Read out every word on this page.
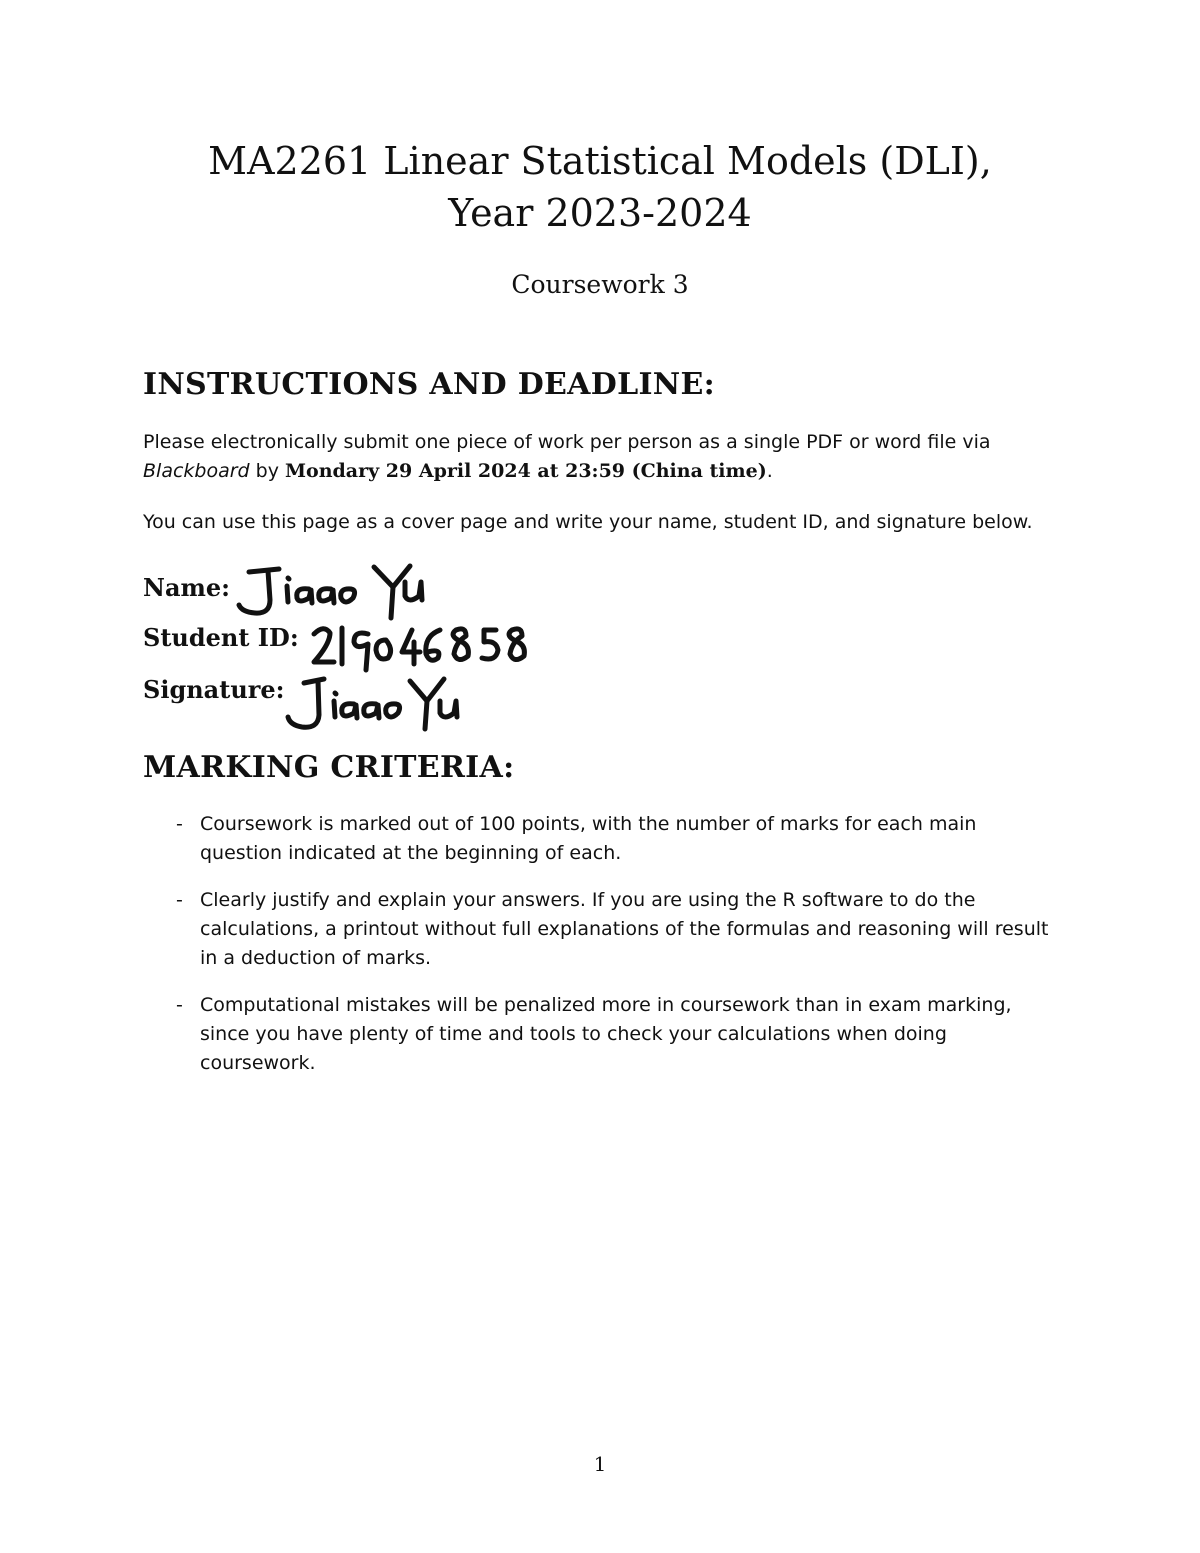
MA2261 Linear Statistical Models (DLI),
Year 2023-2024

Coursework 3

INSTRUCTIONS AND DEADLINE:

Please electronically submit one piece of work per person as a single PDF or word file via
Blackboard by Mondary 29 April 2024 at 23:59 (China time).

You can use this page as a cover page and write your name, student ID, and signature below.

Name:

Student ID:

Signature:

MARKING CRITERIA:
- Coursework is marked out of 100 points, with the number of marks for each main question indicated at the beginning of each.
- Clearly justify and explain your answers. If you are using the R software to do the calculations, a printout without full explanations of the formulas and reasoning will result in a deduction of marks.
- Computational mistakes will be penalized more in coursework than in exam marking, since you have plenty of time and tools to check your calculations when doing coursework.

1
